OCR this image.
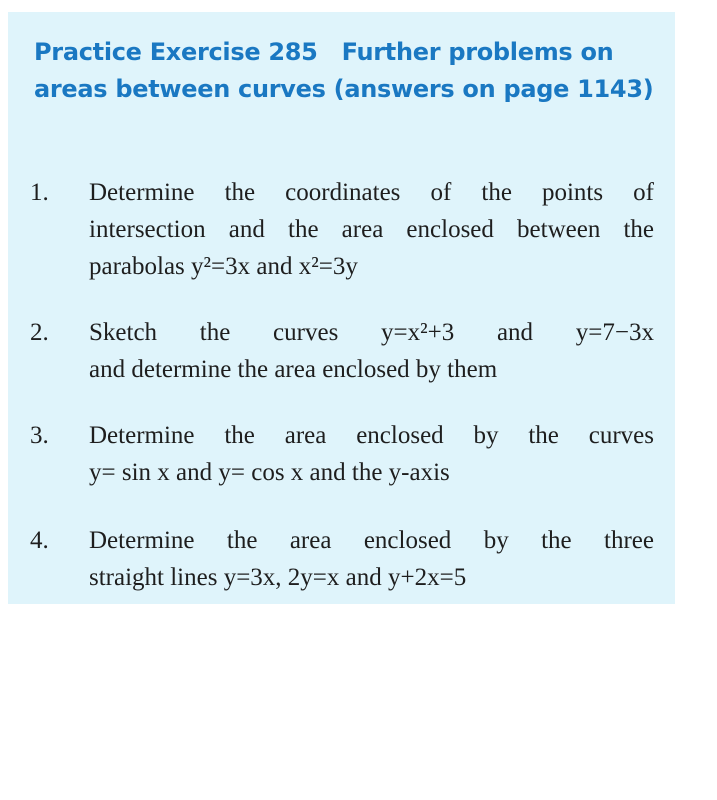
Practice Exercise 285 Further problems on areas between curves (answers on page 1143)

1. Determine the coordinates of the points of
intersection and the area enclosed between the
parabolas y²=3x and x²=3y
2. Sketch the curves y=x²+3 and y=7−3x
and determine the area enclosed by them
3. Determine the area enclosed by the curves
y= sin x and y= cos x and the y-axis
4. Determine the area enclosed by the three
straight lines y=3x, 2y=x and y+2x=5
